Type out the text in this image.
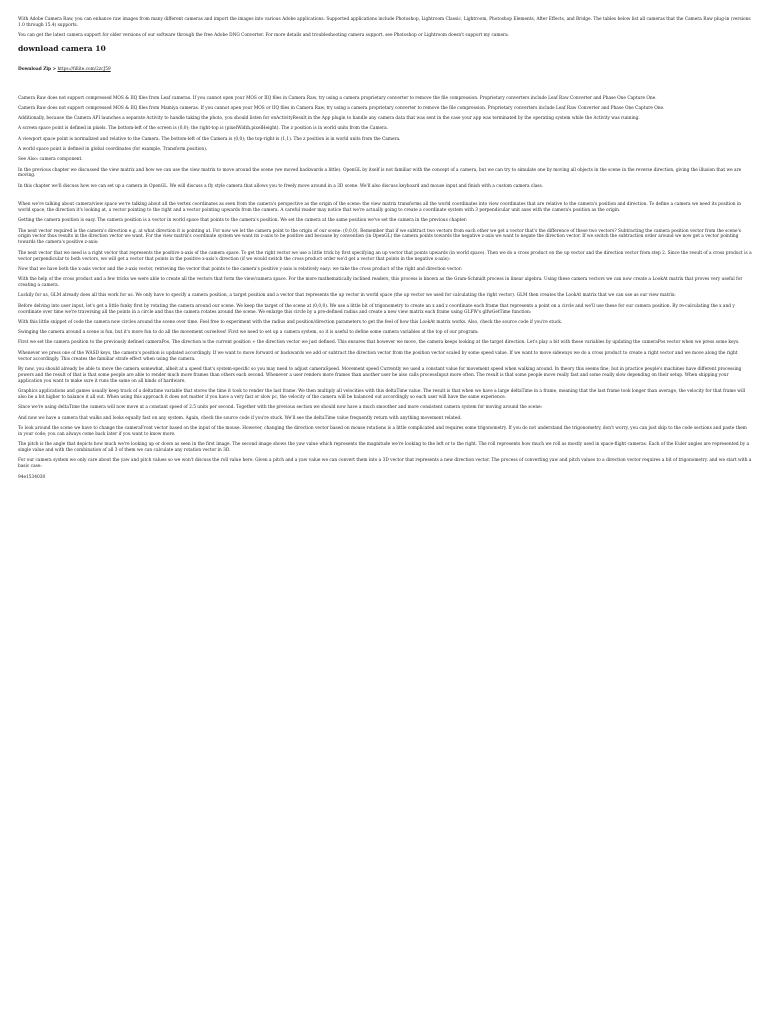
With Adobe Camera Raw, you can enhance raw images from many different cameras and import the images into various Adobe applications. Supported applications include Photoshop, Lightroom Classic, Lightroom, Photoshop Elements, After Effects, and Bridge. The tables below list all cameras that the Camera Raw plug-in (versions 1.0 through 15.4) supports.

You can get the latest camera support for older versions of our software through the free Adobe DNG Converter. For more details and troubleshooting camera support, see Photoshop or Lightroom doesn't support my camera.

download camera 10
Download Zip > https://fillite.com/2zcJ59

Camera Raw does not support compressed MOS & IIQ files from Leaf cameras. If you cannot open your MOS or IIQ files in Camera Raw, try using a camera proprietary converter to remove the file compression. Proprietary converters include Leaf Raw Converter and Phase One Capture One.

Camera Raw does not support compressed MOS & IIQ files from Mamiya cameras. If you cannot open your MOS or IIQ files in Camera Raw, try using a camera proprietary converter to remove the file compression. Proprietary converters include Leaf Raw Converter and Phase One Capture One.

Additionally, because the Camera API launches a separate Activity to handle taking the photo, you should listen for onActivityResult in the App plugin to handle any camera data that was sent in the case your app was terminated by the operating system while the Activity was running.

A screen space point is defined in pixels. The bottom-left of the screen is (0,0); the right-top is (pixelWidth,pixelHeight). The z position is in world units from the Camera.

A viewport space point is normalized and relative to the Camera. The bottom-left of the Camera is (0,0); the top-right is (1,1). The z position is in world units from the Camera.

A world space point is defined in global coordinates (for example, Transform.position).

See Also: camera component.

In the previous chapter we discussed the view matrix and how we can use the view matrix to move around the scene (we moved backwards a little). OpenGL by itself is not familiar with the concept of a camera, but we can try to simulate one by moving all objects in the scene in the reverse direction, giving the illusion that we are moving.

In this chapter we'll discuss how we can set up a camera in OpenGL. We will discuss a fly style camera that allows you to freely move around in a 3D scene. We'll also discuss keyboard and mouse input and finish with a custom camera class.

When we're talking about camera/view space we're talking about all the vertex coordinates as seen from the camera's perspective as the origin of the scene: the view matrix transforms all the world coordinates into view coordinates that are relative to the camera's position and direction. To define a camera we need its position in world space, the direction it's looking at, a vector pointing to the right and a vector pointing upwards from the camera. A careful reader may notice that we're actually going to create a coordinate system with 3 perpendicular unit axes with the camera's position as the origin.

Getting the camera position is easy. The camera position is a vector in world space that points to the camera's position. We set the camera at the same position we've set the camera in the previous chapter:

The next vector required is the camera's direction e.g. at what direction it is pointing at. For now we let the camera point to the origin of our scene: (0,0,0). Remember that if we subtract two vectors from each other we get a vector that's the difference of these two vectors? Subtracting the camera position vector from the scene's origin vector thus results in the direction vector we want. For the view matrix's coordinate system we want its z-axis to be positive and because by convention (in OpenGL) the camera points towards the negative z-axis we want to negate the direction vector. If we switch the subtraction order around we now get a vector pointing towards the camera's positive z-axis:

The next vector that we need is a right vector that represents the positive x-axis of the camera space. To get the right vector we use a little trick by first specifying an up vector that points upwards (in world space). Then we do a cross product on the up vector and the direction vector from step 2. Since the result of a cross product is a vector perpendicular to both vectors, we will get a vector that points in the positive x-axis's direction (if we would switch the cross product order we'd get a vector that points in the negative x-axis):

Now that we have both the x-axis vector and the z-axis vector, retrieving the vector that points to the camera's positive y-axis is relatively easy: we take the cross product of the right and direction vector:

With the help of the cross product and a few tricks we were able to create all the vectors that form the view/camera space. For the more mathematically inclined readers, this process is known as the Gram-Schmidt process in linear algebra. Using these camera vectors we can now create a LookAt matrix that proves very useful for creating a camera.

Luckily for us, GLM already does all this work for us. We only have to specify a camera position, a target position and a vector that represents the up vector in world space (the up vector we used for calculating the right vector). GLM then creates the LookAt matrix that we can use as our view matrix:

Before delving into user input, let's get a little funky first by rotating the camera around our scene. We keep the target of the scene at (0,0,0). We use a little bit of trigonometry to create an x and z coordinate each frame that represents a point on a circle and we'll use these for our camera position. By re-calculating the x and y coordinate over time we're traversing all the points in a circle and thus the camera rotates around the scene. We enlarge this circle by a pre-defined radius and create a new view matrix each frame using GLFW's glfwGetTime function:

With this little snippet of code the camera now circles around the scene over time. Feel free to experiment with the radius and position/direction parameters to get the feel of how this LookAt matrix works. Also, check the source code if you're stuck.

Swinging the camera around a scene is fun, but it's more fun to do all the movement ourselves! First we need to set up a camera system, so it is useful to define some camera variables at the top of our program:

First we set the camera position to the previously defined cameraPos. The direction is the current position + the direction vector we just defined. This ensures that however we move, the camera keeps looking at the target direction. Let's play a bit with these variables by updating the cameraPos vector when we press some keys.

Whenever we press one of the WASD keys, the camera's position is updated accordingly. If we want to move forward or backwards we add or subtract the direction vector from the position vector scaled by some speed value. If we want to move sideways we do a cross product to create a right vector and we move along the right vector accordingly. This creates the familiar strafe effect when using the camera.

By now, you should already be able to move the camera somewhat, albeit at a speed that's system-specific so you may need to adjust cameraSpeed. Movement speed Currently we used a constant value for movement speed when walking around. In theory this seems fine, but in practice people's machines have different processing powers and the result of that is that some people are able to render much more frames than others each second. Whenever a user renders more frames than another user he also calls processInput more often. The result is that some people move really fast and some really slow depending on their setup. When shipping your application you want to make sure it runs the same on all kinds of hardware.

Graphics applications and games usually keep track of a deltatime variable that stores the time it took to render the last frame. We then multiply all velocities with this deltaTime value. The result is that when we have a large deltaTime in a frame, meaning that the last frame took longer than average, the velocity for that frame will also be a bit higher to balance it all out. When using this approach it does not matter if you have a very fast or slow pc, the velocity of the camera will be balanced out accordingly so each user will have the same experience.

Since we're using deltaTime the camera will now move at a constant speed of 2.5 units per second. Together with the previous section we should now have a much smoother and more consistent camera system for moving around the scene:

And now we have a camera that walks and looks equally fast on any system. Again, check the source code if you're stuck. We'll see the deltaTime value frequently return with anything movement related.

To look around the scene we have to change the cameraFront vector based on the input of the mouse. However, changing the direction vector based on mouse rotations is a little complicated and requires some trigonometry. If you do not understand the trigonometry, don't worry, you can just skip to the code sections and paste them in your code; you can always come back later if you want to know more.

The pitch is the angle that depicts how much we're looking up or down as seen in the first image. The second image shows the yaw value which represents the magnitude we're looking to the left or to the right. The roll represents how much we roll as mostly used in space-flight cameras. Each of the Euler angles are represented by a single value and with the combination of all 3 of them we can calculate any rotation vector in 3D.

For our camera system we only care about the yaw and pitch values so we won't discuss the roll value here. Given a pitch and a yaw value we can convert them into a 3D vector that represents a new direction vector. The process of converting yaw and pitch values to a direction vector requires a bit of trigonometry. and we start with a basic case:

94e1534038
